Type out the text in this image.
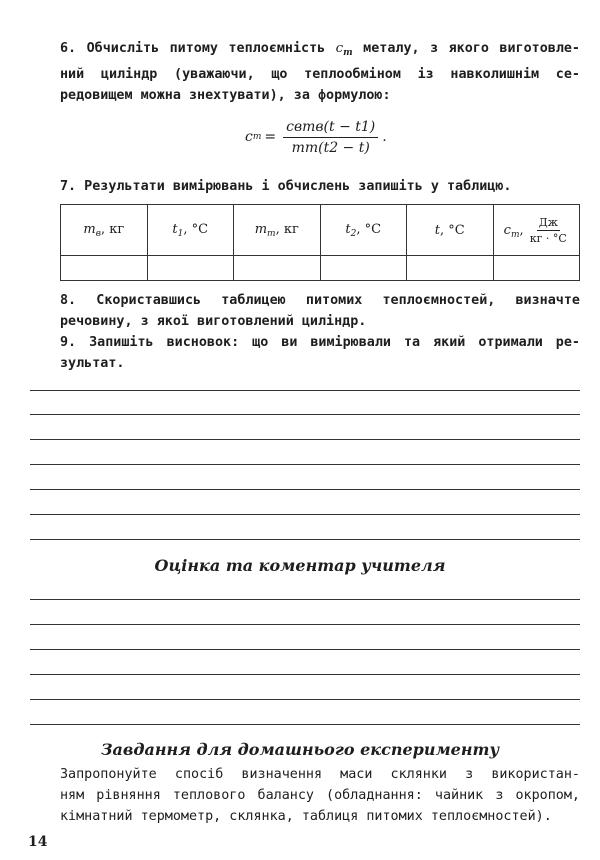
6. Обчисліть питому теплоємність $c_т$ металу, з якого виготовле-
ний циліндр (уважаючи, що теплообміном із навколишнім се-
редовищем можна знехтувати), за формулою:
c $т = \frac{\text{cвmв(t − t1)}}{mт(t2 - t)}$ .
7. Результати вимірювань і обчислень запишіть у таблицю.
$m_в$, кг	$t_1$, °С	$m_т$, кг	$t_2$, °С	t, °С	$c_т$, $\frac{Дж}{кг \cdot ^\circ С}$

8. Скориставшись таблицею питомих теплоємностей, визначте
речовину, з якої виготовлений циліндр.
9. Запишіть висновок: що ви вимірювали та який отримали ре-
зультат.
Оцінка та коментар учителя
Завдання для домашнього експерименту
Запропонуйте спосіб визначення маси склянки з використан-
ням рівняння теплового балансу (обладнання: чайник з окропом,
кімнатний термометр, склянка, таблиця питомих теплоємностей).
14
